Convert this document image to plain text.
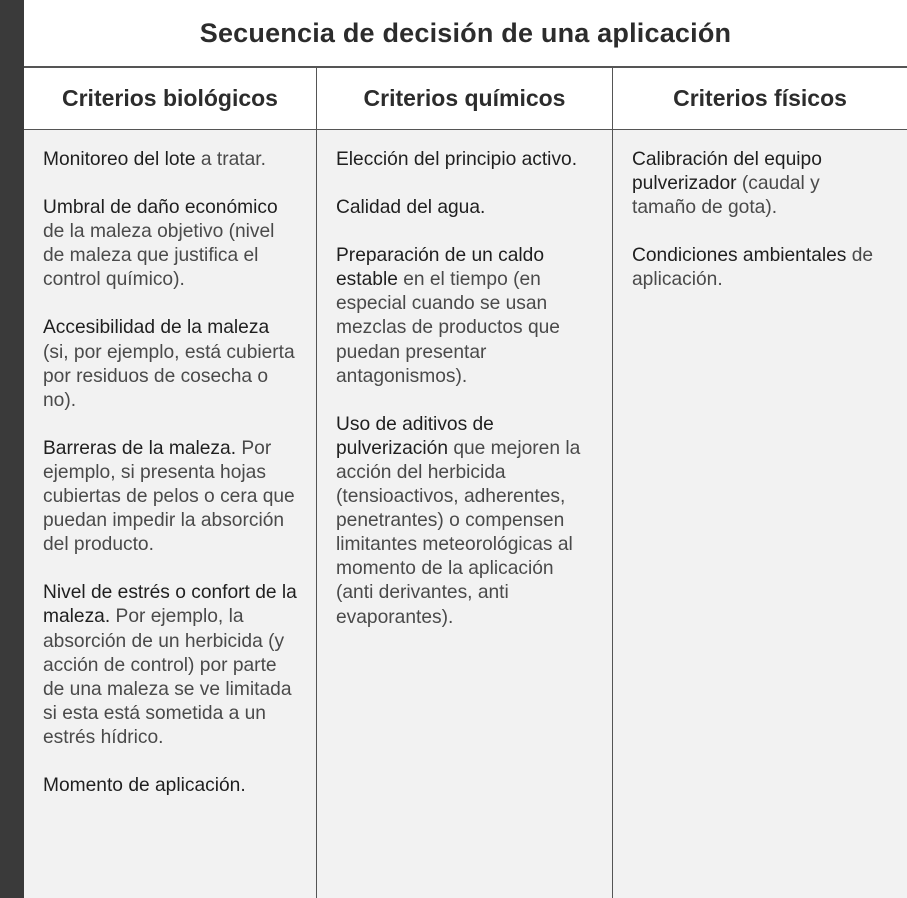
Secuencia de decisión de una aplicación
Criterios biológicos	Criterios químicos	Criterios físicos

Monitoreo del lote a tratar.

Umbral de daño económico de la maleza objetivo (nivel de maleza que justifica el control químico).

Accesibilidad de la maleza (si, por ejemplo, está cubierta por residuos de cosecha o no).

Barreras de la maleza. Por ejemplo, si presenta hojas cubiertas de pelos o cera que puedan impedir la absorción del producto.

Nivel de estrés o confort de la maleza. Por ejemplo, la absorción de un herbicida (y acción de control) por parte de una maleza se ve limitada si esta está sometida a un estrés hídrico.

Momento de aplicación.

Elección del principio activo.

Calidad del agua.

Preparación de un caldo estable en el tiempo (en especial cuando se usan mezclas de productos que puedan presentar antagonismos).

Uso de aditivos de pulverización que mejoren la acción del herbicida (tensioactivos, adherentes, penetrantes) o compensen limitantes meteorológicas al momento de la aplicación (anti derivantes, anti evaporantes).

Calibración del equipo pulverizador (caudal y tamaño de gota).

Condiciones ambientales de aplicación.
